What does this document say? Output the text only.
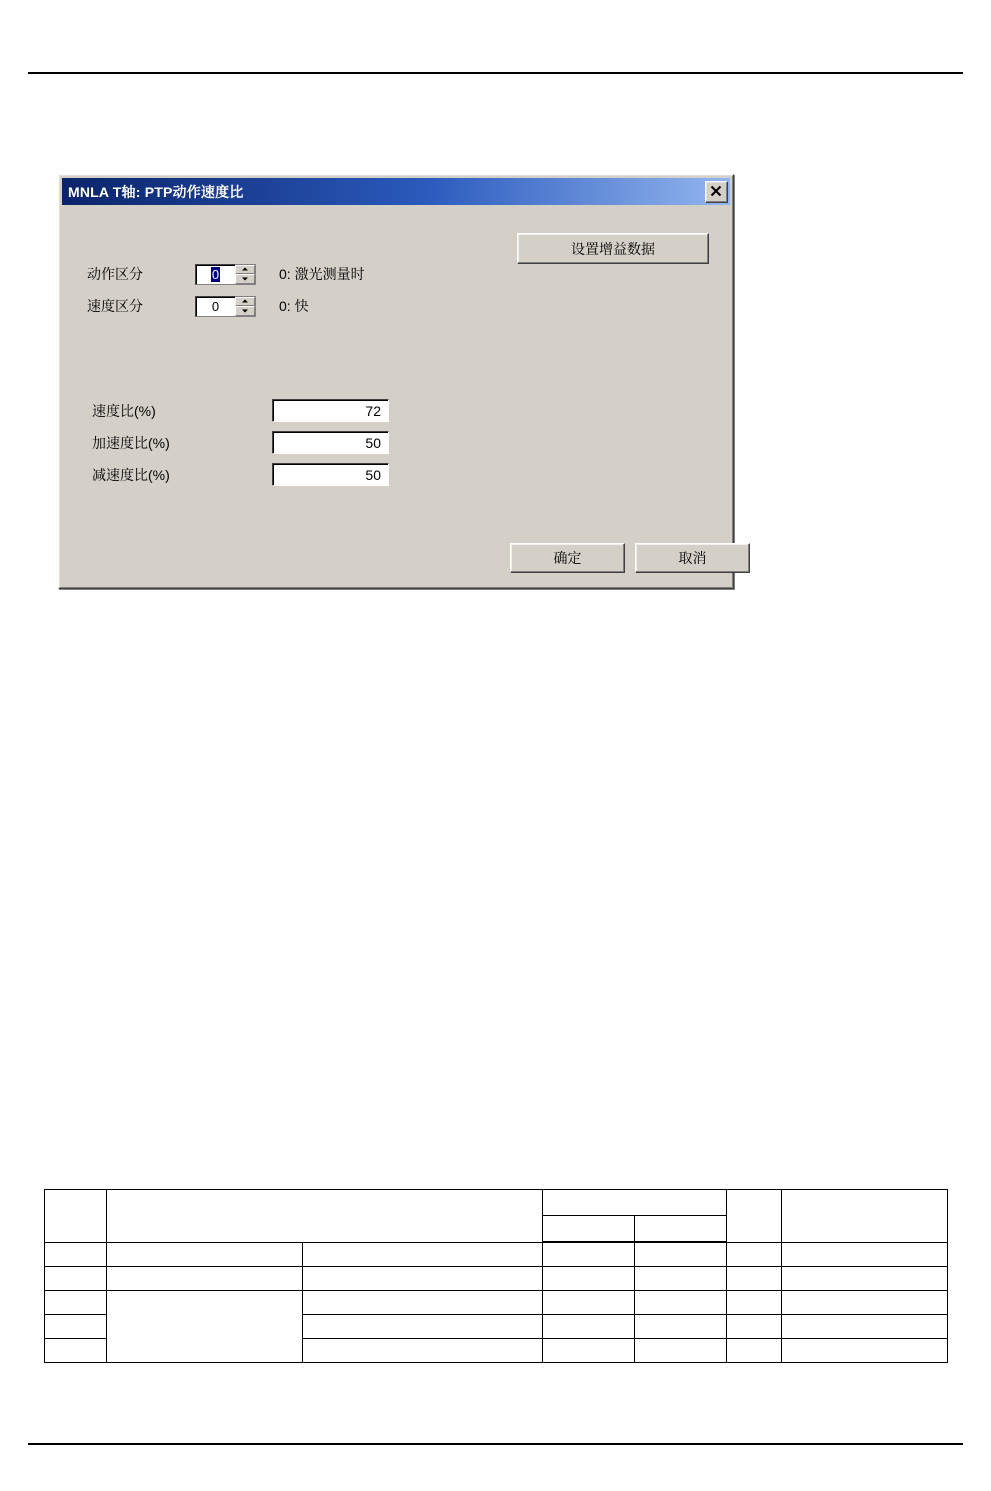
MNLA T轴: PTP动作速度比
设置增益数据
动作区分	0	0: 激光测量时
速度区分	0	0: 快
速度比(%)	72
加速度比(%)	50
减速度比(%)	50
确定	取消
